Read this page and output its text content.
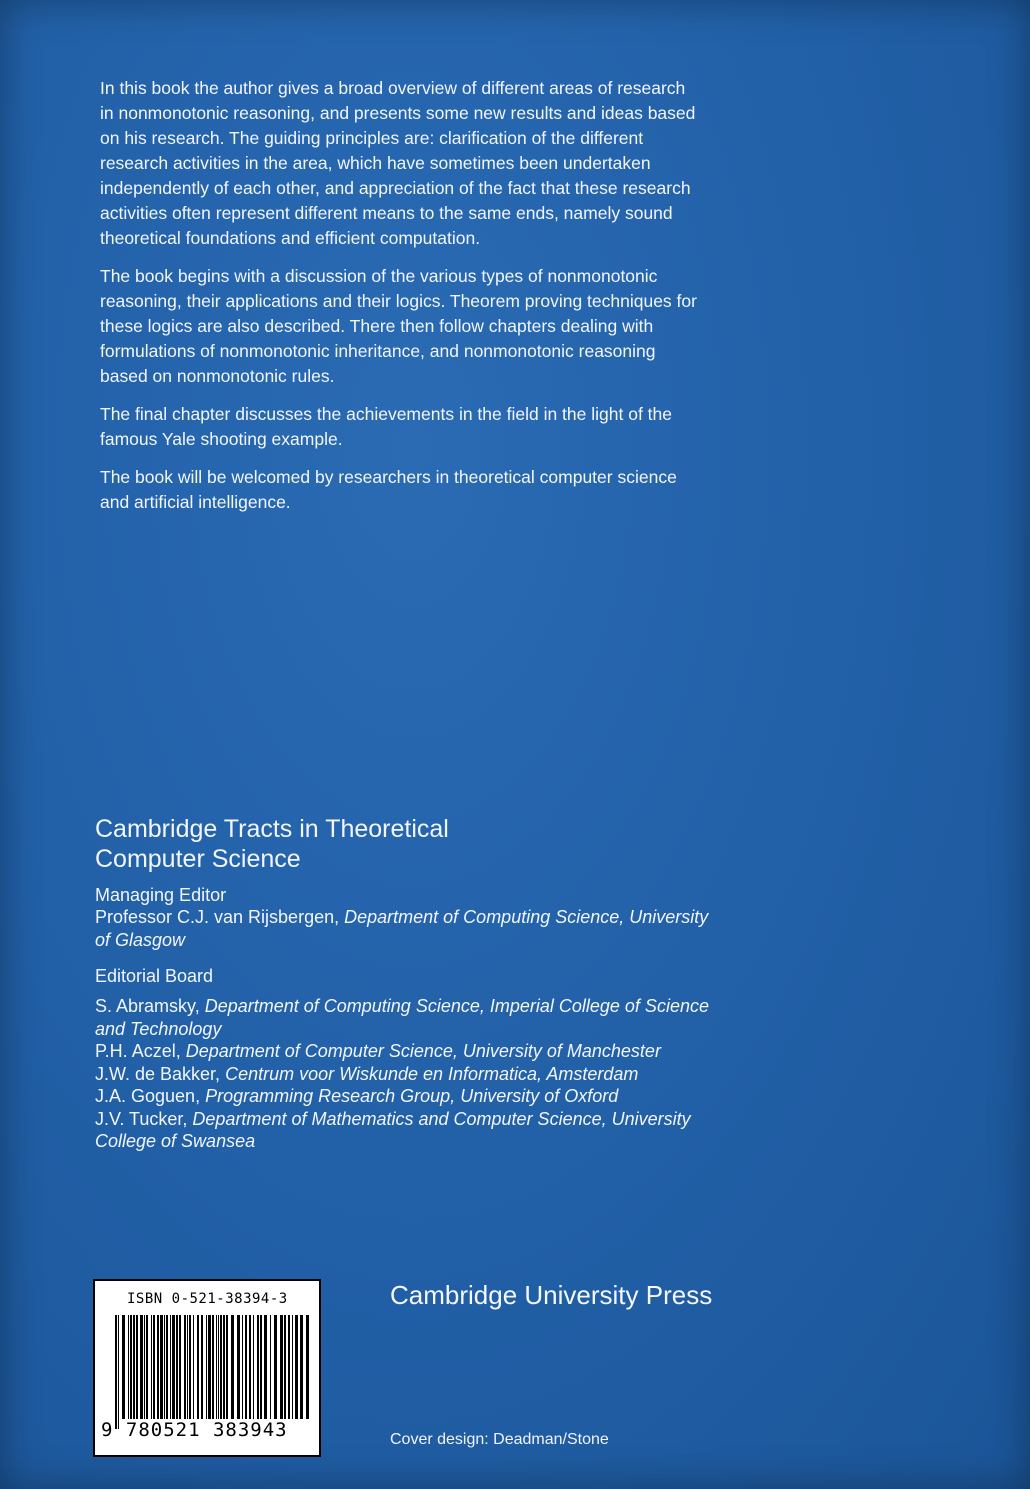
In this book the author gives a broad overview of different areas of research in nonmonotonic reasoning, and presents some new results and ideas based on his research. The guiding principles are: clarification of the different research activities in the area, which have sometimes been undertaken independently of each other, and appreciation of the fact that these research activities often represent different means to the same ends, namely sound theoretical foundations and efficient computation.

The book begins with a discussion of the various types of nonmonotonic reasoning, their applications and their logics. Theorem proving techniques for these logics are also described. There then follow chapters dealing with formulations of nonmonotonic inheritance, and nonmonotonic reasoning based on nonmonotonic rules.

The final chapter discusses the achievements in the field in the light of the famous Yale shooting example.

The book will be welcomed by researchers in theoretical computer science and artificial intelligence.

Cambridge Tracts in Theoretical
Computer Science

Managing Editor

Professor C.J. van Rijsbergen, Department of Computing Science, University of Glasgow

Editorial Board

S. Abramsky, Department of Computing Science, Imperial College of Science and Technology

P.H. Aczel, Department of Computer Science, University of Manchester

J.W. de Bakker, Centrum voor Wiskunde en Informatica, Amsterdam

J.A. Goguen, Programming Research Group, University of Oxford

J.V. Tucker, Department of Mathematics and Computer Science, University College of Swansea

ISBN 0-521-38394-3
9 780521 383943
Cambridge University Press
Cover design: Deadman/Stone
